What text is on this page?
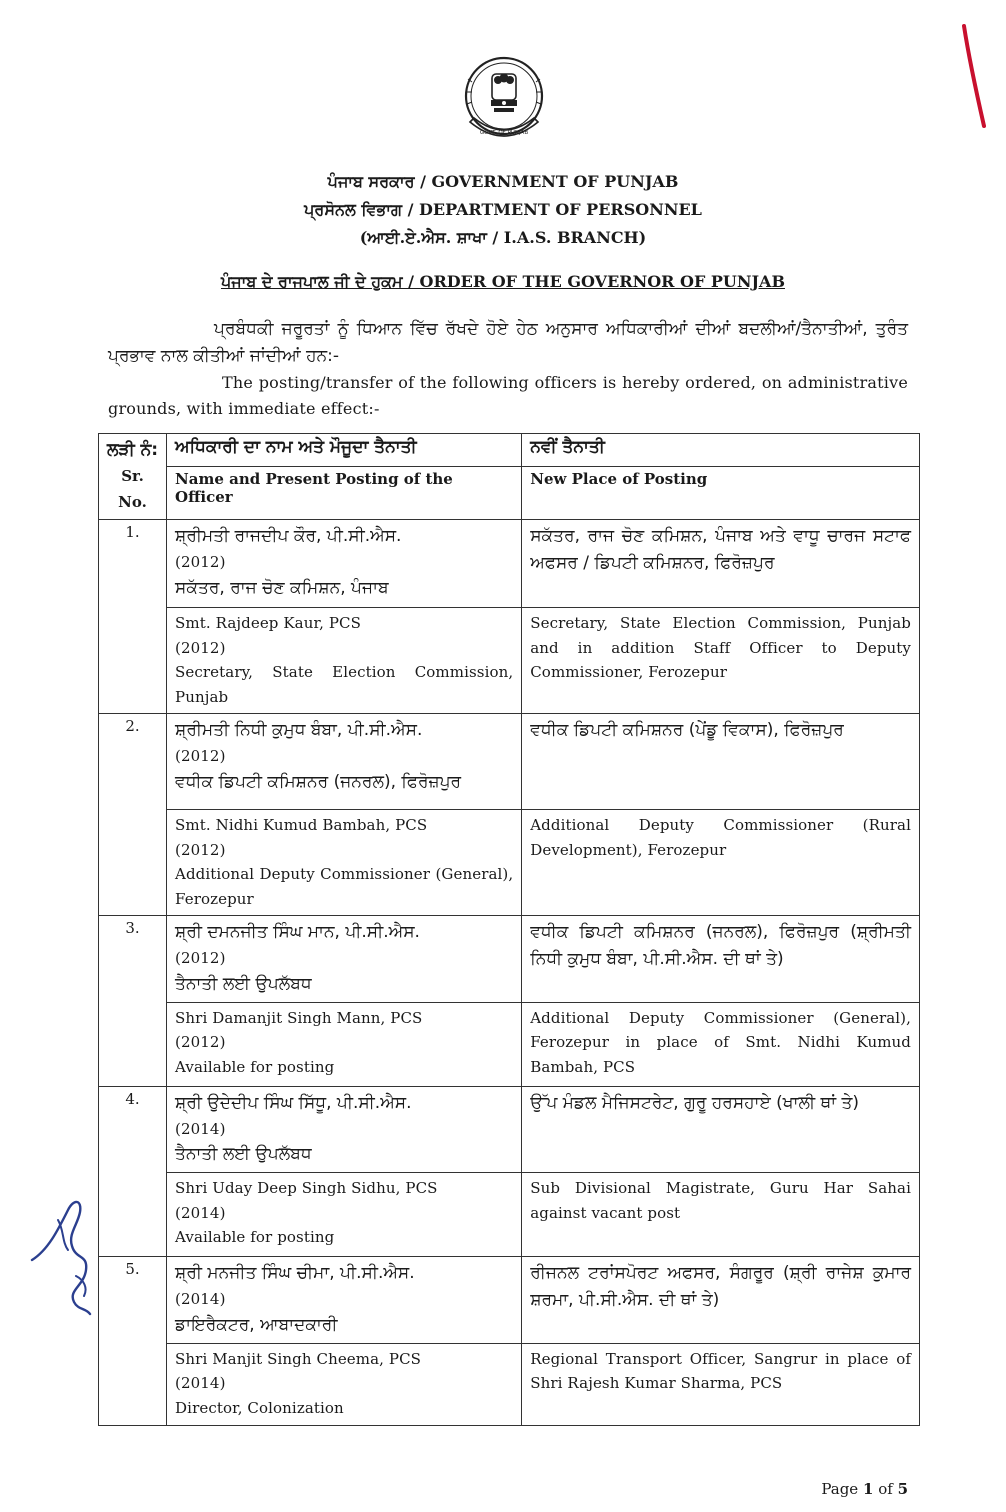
GOVT. OF PUNJAB
ਪੰਜਾਬ ਸਰਕਾਰ / GOVERNMENT OF PUNJAB
ਪ੍ਰਸੋਨਲ ਵਿਭਾਗ / DEPARTMENT OF PERSONNEL
(ਆਈ.ਏ.ਐਸ. ਸ਼ਾਖਾ / I.A.S. BRANCH)
ਪੰਜਾਬ ਦੇ ਰਾਜਪਾਲ ਜੀ ਦੇ ਹੁਕਮ / ORDER OF THE GOVERNOR OF PUNJAB
ਪ੍ਰਬੰਧਕੀ ਜਰੂਰਤਾਂ ਨੂੰ ਧਿਆਨ ਵਿੱਚ ਰੱਖਦੇ ਹੋਏ ਹੇਠ ਅਨੁਸਾਰ ਅਧਿਕਾਰੀਆਂ ਦੀਆਂ ਬਦਲੀਆਂ/ਤੈਨਾਤੀਆਂ, ਤੁਰੰਤ ਪ੍ਰਭਾਵ ਨਾਲ ਕੀਤੀਆਂ ਜਾਂਦੀਆਂ ਹਨ:-
The posting/transfer of the following officers is hereby ordered, on administrative grounds, with immediate effect:-
ਲੜੀ ਨੰ:
Sr. No.	ਅਧਿਕਾਰੀ ਦਾ ਨਾਮ ਅਤੇ ਮੌਜੂਦਾ ਤੈਨਾਤੀ	ਨਵੀਂ ਤੈਨਾਤੀ
	Name and Present Posting of the Officer	New Place of Posting
1.	ਸ਼੍ਰੀਮਤੀ ਰਾਜਦੀਪ ਕੌਰ, ਪੀ.ਸੀ.ਐਸ.
(2012)
ਸਕੱਤਰ, ਰਾਜ ਚੋਣ ਕਮਿਸ਼ਨ, ਪੰਜਾਬ	ਸਕੱਤਰ, ਰਾਜ ਚੋਣ ਕਮਿਸ਼ਨ, ਪੰਜਾਬ ਅਤੇ ਵਾਧੂ ਚਾਰਜ ਸਟਾਫ ਅਫਸਰ / ਡਿਪਟੀ ਕਮਿਸ਼ਨਰ, ਫਿਰੋਜ਼ਪੁਰ

	Smt. Rajdeep Kaur, PCS
(2012)
Secretary, State Election Commission, Punjab	Secretary, State Election Commission, Punjab and in addition Staff Officer to Deputy Commissioner, Ferozepur

2.	ਸ਼੍ਰੀਮਤੀ ਨਿਧੀ ਕੁਮੁਧ ਬੰਬਾ, ਪੀ.ਸੀ.ਐਸ.
(2012)
ਵਧੀਕ ਡਿਪਟੀ ਕਮਿਸ਼ਨਰ (ਜਨਰਲ), ਫਿਰੋਜ਼ਪੁਰ	ਵਧੀਕ ਡਿਪਟੀ ਕਮਿਸ਼ਨਰ (ਪੇਂਡੂ ਵਿਕਾਸ), ਫਿਰੋਜ਼ਪੁਰ

	Smt. Nidhi Kumud Bambah, PCS
(2012)
Additional Deputy Commissioner (General), Ferozepur	Additional Deputy Commissioner (Rural Development), Ferozepur

3.	ਸ਼੍ਰੀ ਦਮਨਜੀਤ ਸਿੰਘ ਮਾਨ, ਪੀ.ਸੀ.ਐਸ.
(2012)
ਤੈਨਾਤੀ ਲਈ ਉਪਲੱਬਧ	ਵਧੀਕ ਡਿਪਟੀ ਕਮਿਸ਼ਨਰ (ਜਨਰਲ), ਫਿਰੋਜ਼ਪੁਰ (ਸ਼੍ਰੀਮਤੀ ਨਿਧੀ ਕੁਮੁਧ ਬੰਬਾ, ਪੀ.ਸੀ.ਐਸ. ਦੀ ਥਾਂ ਤੇ)

	Shri Damanjit Singh Mann, PCS
(2012)
Available for posting	Additional Deputy Commissioner (General), Ferozepur in place of Smt. Nidhi Kumud Bambah, PCS

4.	ਸ਼੍ਰੀ ਉਦੇਦੀਪ ਸਿੰਘ ਸਿੱਧੂ, ਪੀ.ਸੀ.ਐਸ.
(2014)
ਤੈਨਾਤੀ ਲਈ ਉਪਲੱਬਧ	ਉੱਪ ਮੰਡਲ ਮੈਜਿਸਟਰੇਟ, ਗੁਰੂ ਹਰਸਹਾਏ (ਖਾਲੀ ਥਾਂ ਤੇ)

	Shri Uday Deep Singh Sidhu, PCS
(2014)
Available for posting	Sub Divisional Magistrate, Guru Har Sahai against vacant post

5.	ਸ਼੍ਰੀ ਮਨਜੀਤ ਸਿੰਘ ਚੀਮਾ, ਪੀ.ਸੀ.ਐਸ.
(2014)
ਡਾਇਰੈਕਟਰ, ਆਬਾਦਕਾਰੀ	ਰੀਜਨਲ ਟਰਾਂਸਪੋਰਟ ਅਫਸਰ, ਸੰਗਰੂਰ (ਸ਼੍ਰੀ ਰਾਜੇਸ਼ ਕੁਮਾਰ ਸ਼ਰਮਾ, ਪੀ.ਸੀ.ਐਸ. ਦੀ ਥਾਂ ਤੇ)

	Shri Manjit Singh Cheema, PCS
(2014)
Director, Colonization	Regional Transport Officer, Sangrur in place of Shri Rajesh Kumar Sharma, PCS
Page 1 of 5
